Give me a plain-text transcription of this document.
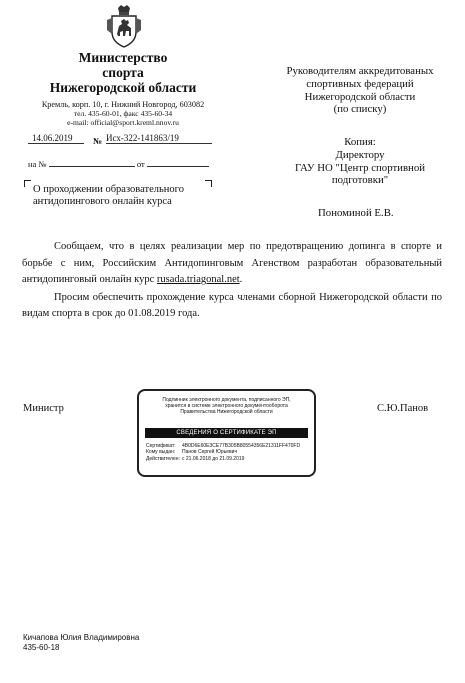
Министерство
спорта
Нижегородской области
Кремль, корп. 10, г. Нижний Новгород, 603082
тел. 435-60-01, факс 435-60-34
e-mail: official@sport.kreml.nnov.ru
14.06.2019 № Исх-322-141863/19
на №	от
О проходжении образовательного антидопингового онлайн курса
Руководителям аккредитованых
спортивных федераций
Нижегородской области
(по списку)
Копия:
Директору
ГАУ НО "Центр спортивной
подготовки"
Пономиной Е.В.

Сообщаем, что в целях реализации мер по предотвращению допинга в спорте и борьбе с ним, Российским Антидопинговым Агенством разработан образовательный антидопинговый онлайн курс rusada.triagonal.net.

Просим обеспечить прохождение курса членами сборной Нижегородской области по видам спорта в срок до 01.08.2019 года.

Министр	С.Ю.Панов
Подлинник электронного документа, подписанного ЭП,
хранится в системе электронного документооборота
Правительства Нижегородской области
СВЕДЕНИЯ О СЕРТИФИКАТЕ ЭП
Сертификат: 4B0D6E60E3CE77B305B80554356E21311FF470FD
Кому выдан: Панов Сергей Юрьевич
Действителен: с 21.06.2018 до 21.09.2019
Кичапова Юлия Владимировна
435-60-18
